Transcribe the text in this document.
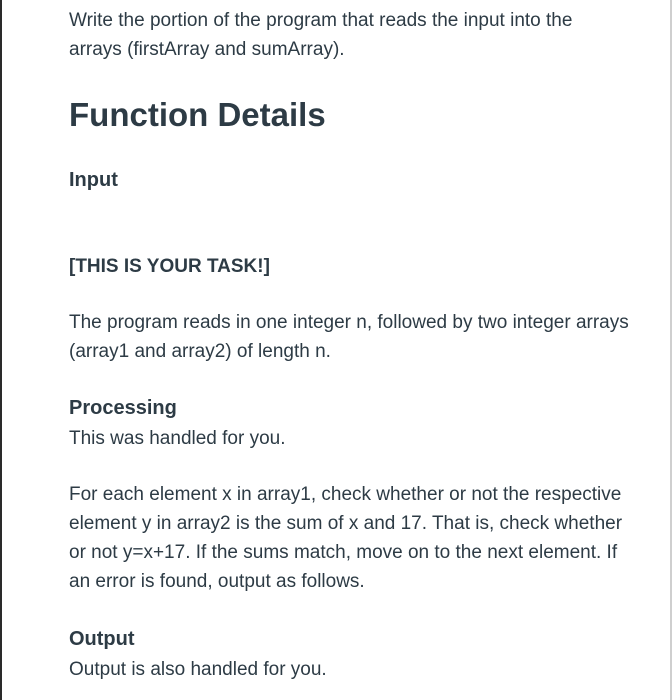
Write the portion of the program that reads the input into the arrays (firstArray and sumArray).

Function Details
Input

[THIS IS YOUR TASK!]

The program reads in one integer n, followed by two integer arrays (array1 and array2) of length n.

Processing

This was handled for you.

For each element x in array1, check whether or not the respective element y in array2 is the sum of x and 17. That is, check whether or not y=x+17. If the sums match, move on to the next element. If an error is found, output as follows.

Output

Output is also handled for you.
